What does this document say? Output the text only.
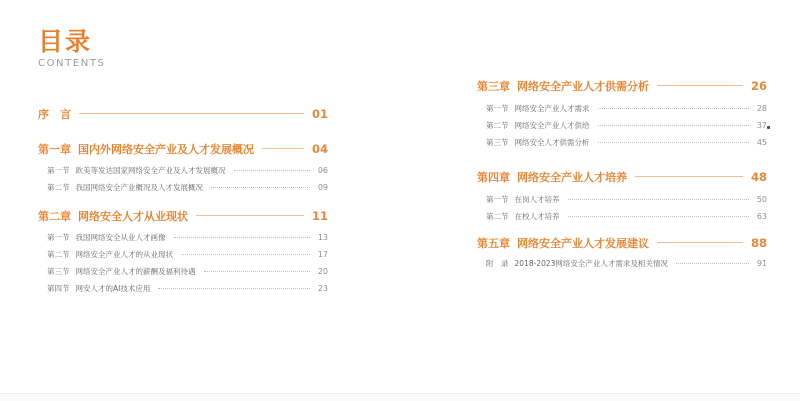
目录
CONTENTS
序　言	01
第一章 国内外网络安全产业及人才发展概况	04
第一节 欧美等发达国家网络安全产业及人才发展概况	06
第二节 我国网络安全产业概况及人才发展概况	09
第二章 网络安全人才从业现状	11
第一节 我国网络安全从业人才画像	13
第二节 网络安全产业人才的从业现状	17
第三节 网络安全产业人才的薪酬及福利待遇	20
第四节 网安人才的AI技术应用	23
第三章 网络安全产业人才供需分析	26
第一节 网络安全产业人才需求	28
第二节 网络安全产业人才供给	37
第三节 网络安全人才供需分析	45
第四章 网络安全产业人才培养	48
第一节 在岗人才培养	50
第二节 在校人才培养	63
第五章 网络安全产业人才发展建议	88
附　录 2018-2023网络安全产业人才需求及相关情况	91
